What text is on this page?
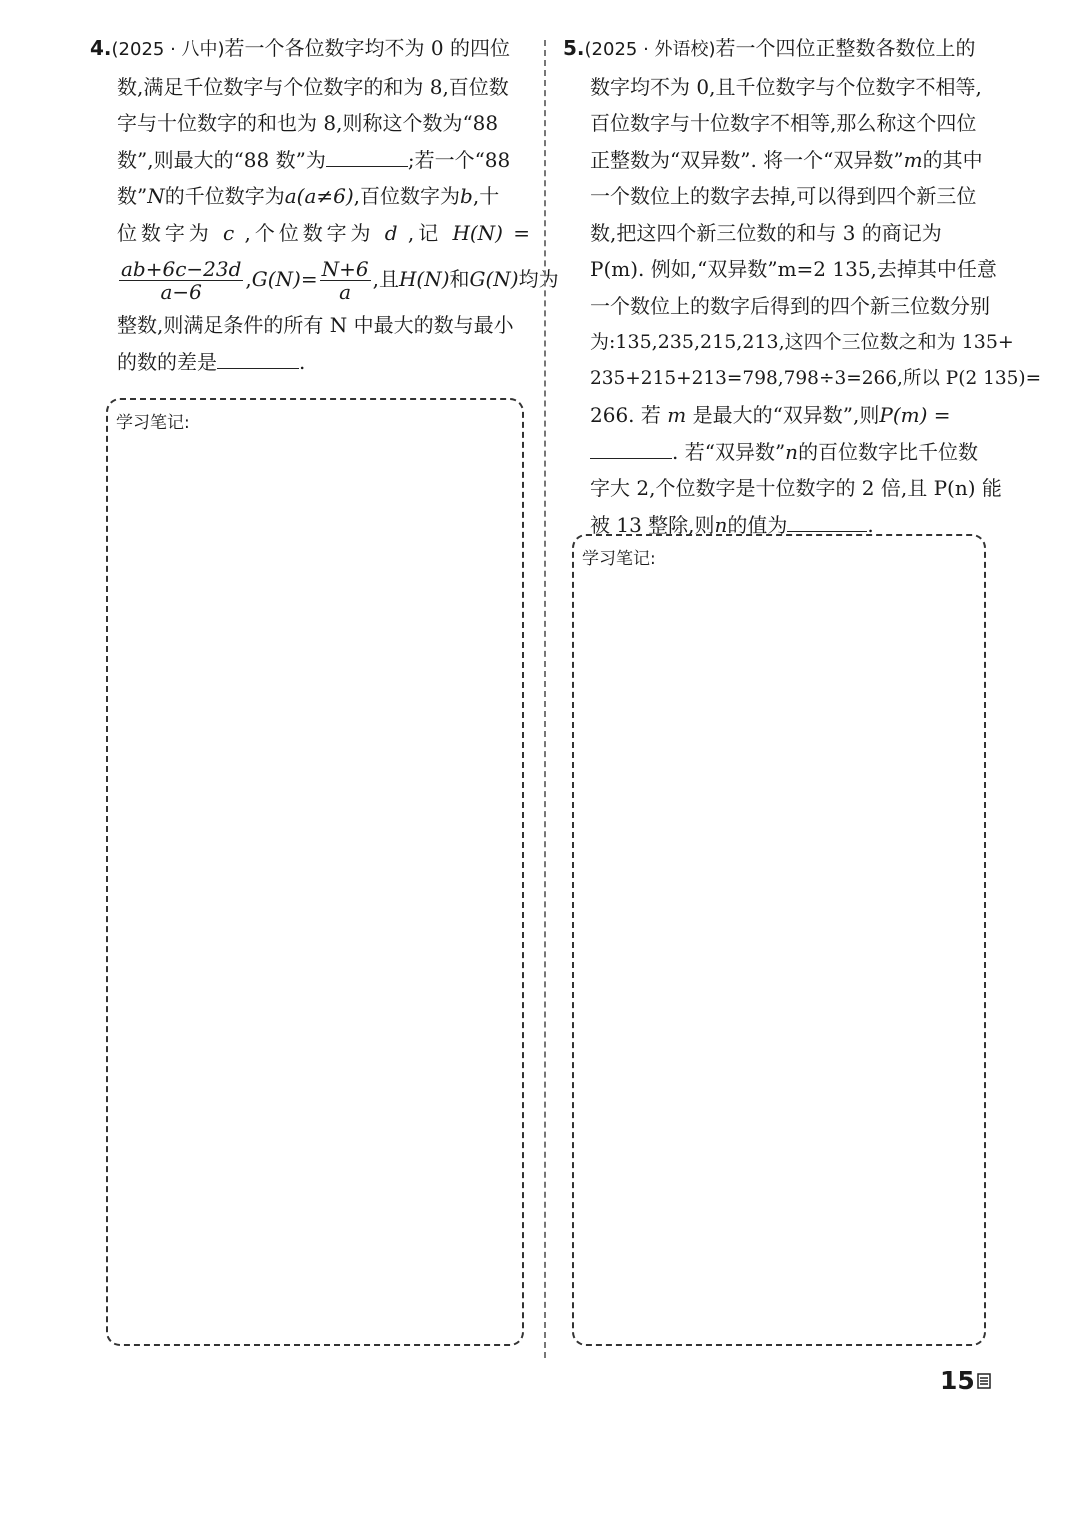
4.(2025 · 八中)若一个各位数字均不为 0 的四位

数,满足千位数字与个位数字的和为 8,百位数

字与十位数字的和也为 8,则称这个数为“88

数”,则最大的“88 数”为	;若一个“88

数”N的千位数字为a(a≠6),百位数字为b,十

位数字为 c ,个位数字为 d ,记 H(N) =

$\frac{ab+6c-23d}{a-6} ,G(N)= \frac{N+6}{a}$ ,且H(N)和G(N)均为

整数,则满足条件的所有 N 中最大的数与最小

的数的差是	.

5.(2025 · 外语校)若一个四位正整数各数位上的

数字均不为 0,且千位数字与个位数字不相等,

百位数字与十位数字不相等,那么称这个四位

正整数为“双异数”. 将一个“双异数”m的其中

一个数位上的数字去掉,可以得到四个新三位

数,把这四个新三位数的和与 3 的商记为

P(m). 例如,“双异数”m=2 135,去掉其中任意

一个数位上的数字后得到的四个新三位数分别

为:135,235,215,213,这四个三位数之和为 135+

235+215+213=798,798÷3=266,所以 P(2 135)=

266. 若 m 是最大的“双异数”,则P(m) =

. 若“双异数”n的百位数字比千位数

字大 2,个位数字是十位数字的 2 倍,且 P(n) 能

被 13 整除,则n的值为	.

学习笔记:
学习笔记:
15
